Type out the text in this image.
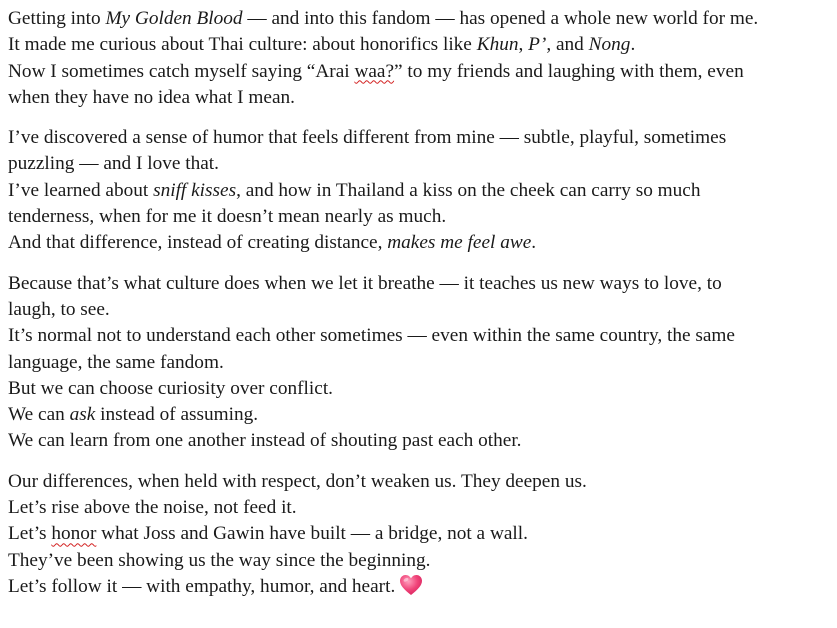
Getting into My Golden Blood — and into this fandom — has opened a whole new world for me.
It made me curious about Thai culture: about honorifics like Khun, P’, and Nong.
Now I sometimes catch myself saying “Arai waa?” to my friends and laughing with them, even
when they have no idea what I mean.
I’ve discovered a sense of humor that feels different from mine — subtle, playful, sometimes
puzzling — and I love that.
I’ve learned about sniff kisses, and how in Thailand a kiss on the cheek can carry so much
tenderness, when for me it doesn’t mean nearly as much.
And that difference, instead of creating distance, makes me feel awe.
Because that’s what culture does when we let it breathe — it teaches us new ways to love, to
laugh, to see.
It’s normal not to understand each other sometimes — even within the same country, the same
language, the same fandom.
But we can choose curiosity over conflict.
We can ask instead of assuming.
We can learn from one another instead of shouting past each other.
Our differences, when held with respect, don’t weaken us. They deepen us.
Let’s rise above the noise, not feed it.
Let’s honor what Joss and Gawin have built — a bridge, not a wall.
They’ve been showing us the way since the beginning.
Let’s follow it — with empathy, humor, and heart.
